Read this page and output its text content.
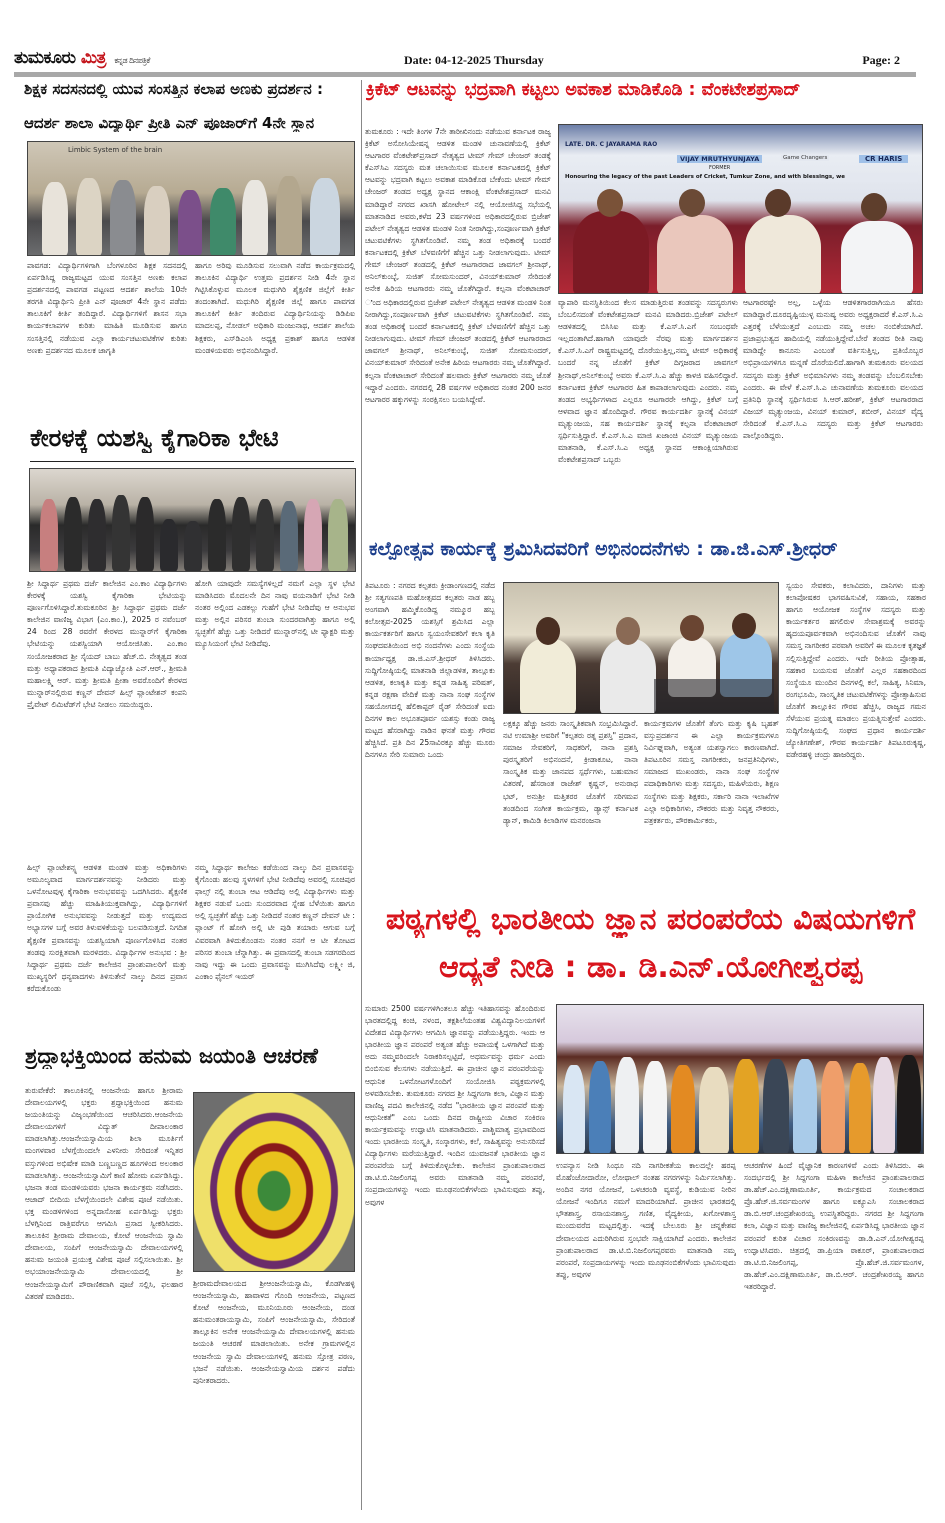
ತುಮಕೂರು ಮಿತ್ರ ಕನ್ನಡ ದಿನಪತ್ರಿಕೆ	Date: 04-12-2025 Thursday	Page: 2
ಶಿಕ್ಷಕ ಸದಸನದಲ್ಲಿ ಯುವ ಸಂಸತ್ತಿನ ಕಲಾಪ ಅಣಕು ಪ್ರದರ್ಶನ :
ಆದರ್ಶ ಶಾಲಾ ವಿದ್ಯಾರ್ಥಿ ಪ್ರೀತಿ ಎನ್ ಪೂಜಾರ್‌ಗೆ 4ನೇ ಸ್ಥಾನ
Limbic System of the brain
ಪಾವಗಡ: ವಿದ್ಯಾರ್ಥಿಗಳಿಗಾಗಿ ಬೆಂಗಳೂರಿನ ಶಿಕ್ಷಕ ಸದನದಲ್ಲಿ ಏರ್ಪಡಿಸಿದ್ದ ರಾಜ್ಯಮಟ್ಟದ ಯುವ ಸಂಸತ್ತಿನ ಅಣಕು ಕಲಾಪ ಪ್ರದರ್ಶನದಲ್ಲಿ ಪಾವಗಡ ಪಟ್ಟಣದ ಆದರ್ಶ ಶಾಲೆಯ 10ನೇ ತರಗತಿ ವಿದ್ಯಾರ್ಥಿನಿ ಪ್ರೀತಿ ಎನ್ ಪೂಜಾರ್ 4ನೇ ಸ್ಥಾನ ಪಡೆದು ತಾಲೂಕಿಗೆ ಕೀರ್ತಿ ತಂದಿದ್ದಾರೆ. ವಿದ್ಯಾರ್ಥಿಗಳಿಗೆ ಶಾಸನ ಸಭಾ ಕಾರ್ಯಕಲಾಪಗಳ ಕುರಿತು ಮಾಹಿತಿ ಮೂಡಿಸುವ ಹಾಗೂ ಸಂಸತ್ತಿನಲ್ಲಿ ನಡೆಯುವ ಎಲ್ಲಾ ಕಾರ್ಯಚಟುವಟಿಕೆಗಳ ಕುರಿತು ಅಣಕು ಪ್ರದರ್ಶನದ ಮೂಲಕ ಜಾಗೃತಿ
ಹಾಗೂ ಅರಿವು ಮೂಡಿಸುವ ಸಲುವಾಗಿ ನಡೆದ ಕಾರ್ಯಕ್ರಮದಲ್ಲಿ ತಾಲೂಕಿನ ವಿದ್ಯಾರ್ಥಿ ಉತ್ತಮ ಪ್ರದರ್ಶನ ನೀಡಿ 4ನೇ ಸ್ಥಾನ ಗಿಟ್ಟಿಸಿಕೊಳ್ಳುವ ಮೂಲಕ ಮಧುಗಿರಿ ಶೈಕ್ಷಣಿಕ ಜಿಲ್ಲೆಗೆ ಕೀರ್ತಿ ತಂದಂತಾಗಿದೆ. ಮಧುಗಿರಿ ಶೈಕ್ಷಣಿಕ ಜಿಲ್ಲೆ ಹಾಗೂ ಪಾವಗಡ ತಾಲೂಕಿಗೆ ಕೀರ್ತಿ ತಂದಿರುವ ವಿದ್ಯಾರ್ಥಿನಿಯನ್ನು ಡಿಡಿಪಿಐ ಮಾದಲಪ್ಪ, ನೋಡಲ್ ಅಧಿಕಾರಿ ಮಂಜುನಾಥ, ಆದರ್ಶ ಶಾಲೆಯ ಶಿಕ್ಷಕರು, ಎಸ್‌ಡಿಎಂಸಿ ಅಧ್ಯಕ್ಷ ಪ್ರಕಾಶ್ ಹಾಗೂ ಆಡಳಿತ ಮಂಡಳಿಯವರು ಅಭಿನಂದಿಸಿದ್ದಾರೆ.
ಕೇರಳಕ್ಕೆ ಯಶಸ್ವಿ ಕೈಗಾರಿಕಾ ಭೇಟಿ
ಶ್ರೀ ಸಿದ್ಧಾರ್ಥ ಪ್ರಥಮ ದರ್ಜೆ ಕಾಲೇಜಿನ ಎಂ.ಕಾಂ ವಿದ್ಯಾರ್ಥಿಗಳು ಕೇರಳಕ್ಕೆ ಯಶಸ್ವಿ ಕೈಗಾರಿಕಾ ಭೇಟಿಯನ್ನು ಪೂರ್ಣಗೊಳಿಸಿದ್ದಾರೆ.ತುಮಕೂರಿನ ಶ್ರೀ ಸಿದ್ಧಾರ್ಥ ಪ್ರಥಮ ದರ್ಜೆ ಕಾಲೇಜಿನ ವಾಣಿಜ್ಯ ವಿಭಾಗ (ಎಂ.ಕಾಂ.), 2025 ರ ನವೆಂಬರ್ 24 ರಿಂದ 28 ರವರೆಗೆ ಕೇರಳದ ಮುನ್ನಾರ್‌ಗೆ ಕೈಗಾರಿಕಾ ಭೇಟಿಯನ್ನು ಯಶಸ್ವಿಯಾಗಿ ಆಯೋಜಿಸಿತು. ಎಂ.ಕಾಂ ಸಂಯೋಜಕರಾದ ಶ್ರೀ ಸೈಯದ್ ಬಾಬು ಹೆಚ್.ಬಿ. ನೇತೃತ್ವದ ತಂಡ ಮತ್ತು ಅಧ್ಯಾಪಕರಾದ ಶ್ರೀಮತಿ ವಿದ್ಯಾಜ್ಯೋತಿ ಎನ್.ಆರ್., ಶ್ರೀಮತಿ ಮಹಾಲಕ್ಷ್ಮಿ ಆರ್. ಮತ್ತು ಶ್ರೀಮತಿ ಪ್ರೀತಾ ಅವರೊಂದಿಗೆ ಕೇರಳದ ಮುನ್ನಾರ್‌ನಲ್ಲಿರುವ ಕಣ್ಣನ್ ದೇವನ್ ಹಿಲ್ಸ್ ಪ್ಲಾಂಟೇಶನ್ ಕಂಪನಿ ಪ್ರೈವೇಟ್ ಲಿಮಿಟೆಡ್‌ಗೆ ಭೇಟಿ ನೀಡಲು ಸಮಯಿದ್ದರು.
ಹಿಲ್ಸ್ ಪ್ಲಾಂಟೇಶನ್ಸ್ನ ಆಡಳಿತ ಮಂಡಳಿ ಮತ್ತು ಅಧಿಕಾರಿಗಳು ಅಮೂಲ್ಯವಾದ ಮಾರ್ಗದರ್ಶನವನ್ನು ನೀಡಿದರು ಮತ್ತು ಒಳನೋಟವುಳ್ಳ ಕೈಗಾರಿಕಾ ಅನುಭವವನ್ನು ಒದಗಿಸಿದರು. ಶೈಕ್ಷಣಿಕ ಪ್ರವಾಸವು ಹೆಚ್ಚು ಮಾಹಿತಿಯುಕ್ತವಾಗಿದ್ದು, ವಿದ್ಯಾರ್ಥಿಗಳಿಗೆ ಪ್ರಾಯೋಗಿಕ ಅನುಭವವನ್ನು ನೀಡುತ್ತದೆ ಮತ್ತು ಉದ್ಯಮದ ಅಭ್ಯಾಸಗಳ ಬಗ್ಗೆ ಅವರ ತಿಳುವಳಿಕೆಯನ್ನು ಬಲಪಡಿಸುತ್ತದೆ. ನಿಗದಿತ ಶೈಕ್ಷಣಿಕ ಪ್ರವಾಸವನ್ನು ಯಶಸ್ವಿಯಾಗಿ ಪೂರ್ಣಗೊಳಿಸಿದ ನಂತರ ತಂಡವು ಸುರಕ್ಷಿತವಾಗಿ ಮರಳಿದರು. ವಿದ್ಯಾರ್ಥಿಗಳ ಅನುಭವ : ಶ್ರೀ ಸಿದ್ಧಾರ್ಥ ಪ್ರಥಮ ದರ್ಜೆ ಕಾಲೇಜಿನ ಪ್ರಾಂಶುಪಾಲರಿಗೆ ಮತ್ತು ಮುಖ್ಯಸ್ಥರಿಗೆ ಧನ್ಯವಾದಗಳು ತಿಳಿಸುತೇನೆ ನಾಲ್ಕು ದಿನದ ಪ್ರವಾಸ ಕರೆದುಕೊಂಡು
ಹೋಗಿ ಯಾವುದೇ ಸಮಸ್ಯೆಗಳಿಲ್ಲದೆ ನಮಗೆ ಎಲ್ಲಾ ಸ್ಥಳ ಭೇಟಿ ಮಾಡಿಸಿದರು ಮೊದಲನೇ ದಿನ ನಾವು ವಯನಾಡಿಗೆ ಭೇಟಿ ನೀಡಿ ನಂತರ ಅಲ್ಲಿಂದ ಎಡಕಲ್ಲು ಗುಹೆಗೆ ಭೇಟಿ ನೀಡಿದೆವು ಆ ಅನುಭವ ಮತ್ತು ಅಲ್ಲಿನ ಪರಿಸರ ತುಂಬಾ ಸುಂದರವಾಗಿತ್ತು ಹಾಗೂ ಅಲ್ಲಿ ಸ್ವಚ್ಛತೆಗೆ ಹೆಚ್ಚು ಒತ್ತು ನೀಡಿದರೆ ಮುನ್ನಾರ್‌ನಲ್ಲಿ ಟೀ ಫ್ಯಾಕ್ಟರಿ ಮತ್ತು ಮ್ಯೂಸಿಯಂಗೆ ಭೇಟಿ ನೀಡಿದೆವು.
ನಮ್ಮ ಸಿದ್ಧಾರ್ಥ ಕಾಲೇಜು ಕಡೆಯಿಂದ ನಾಲ್ಕು ದಿನ ಪ್ರವಾಸವನ್ನು ಕೈಗೊಂಡು ಹಲವು ಸ್ಥಳಗಳಿಗೆ ಭೇಟಿ ನೀಡಿದೆವು ಅವರಲ್ಲಿ ಸೂಚಿಪುರ ಫಾಲ್ಸ್ ನಲ್ಲಿ ತುಂಬಾ ಆಟ ಆಡಿದೆವು ಅಲ್ಲಿ ವಿದ್ಯಾರ್ಥಿಗಳು ಮತ್ತು ಶಿಕ್ಷಕರ ನಡುವೆ ಒಂದು ಸುಂದರವಾದ ಸ್ನೇಹ ಬೆಳೆಯಿತು ಹಾಗೂ ಅಲ್ಲಿ ಸ್ವಚ್ಛತೆಗೆ ಹೆಚ್ಚು ಒತ್ತು ನೀಡಿದರೆ ನಂತರ ಕಣ್ಣನ್ ದೇವನ್ ಟೀ : ಪ್ಲಾಂಟ್ ಗೆ ಹೋಗಿ ಅಲ್ಲಿ ಟೀ ಪುಡಿ ತಯಾರು ಆಗುವ ಬಗ್ಗೆ ವಿವರವಾಗಿ ತಿಳಿದುಕೊಂಡನು ನಂತರ ನನಗೆ ಆ ಟೀ ತೋಟದ ಪರಿಸರ ತುಂಬಾ ಚೆನ್ನಾಗಿತ್ತು. ಈ ಪ್ರವಾಸದಲ್ಲಿ ತುಂಬಾ ಸಡಗರದಿಂದ ನಾವು ಇದ್ದು ಈ ಒಂದು ಪ್ರವಾಸವನ್ನು ಮುಗಿಸಿದೆವು ಲಕ್ಷ್ಮೀ ಜಿ, ಎಂಕಾಂ ಫೈನಲ್ ಇಯರ್
ಶ್ರದ್ಧಾಭಕ್ತಿಯಿಂದ ಹನುಮ ಜಯಂತಿ ಆಚರಣೆ
ತುರುವೇಕೆರೆ: ತಾಲೂಕಿನಲ್ಲಿ ಆಂಜನೇಯ ಹಾಗೂ ಶ್ರೀರಾಮ ದೇವಾಲಯಗಳಲ್ಲಿ ಭಕ್ತರು ಶ್ರದ್ಧಾಭಕ್ತಿಯಿಂದ ಹನುಮ ಜಯಂತಿಯನ್ನು ವಿಜೃಂಭಣೆಯಿಂದ ಆಚರಿಸಿದರು.ಆಂಜನೇಯ ದೇವಾಲಯಗಳಿಗೆ ವಿದ್ಯುತ್ ದೀಪಾಲಂಕಾರ ಮಾಡಲಾಗಿತ್ತು.ಆಂಜನೇಯಸ್ವಾಮಿಯ ಶಿಲಾ ಮೂರ್ತಿಗೆ ಮಂಗಳವಾರ ಬೆಳಗ್ಗೆಯಿಂದಲೇ ಎಳನೀರು ಸೇರಿದಂತೆ ಇನ್ನಿತರ ವಸ್ತುಗಳಿಂದ ಅಭಿಷೇಕ ಮಾಡಿ ಬಣ್ಣಬಣ್ಣದ ಹೂಗಳಿಂದ ಅಲಂಕಾರ ಮಾಡಲಾಗಿತ್ತು. ಆಂಜನೇಯಸ್ವಾಮಿಗೆ ಕಾಣಿ ಹೋಮ ಏರ್ಪಡಿಸಿದ್ದು. ಭಜನಾ ತಂಡ ಮಂಡಳಿಯವರು ಭಜನಾ ಕಾರ್ಯಕ್ರಮ ನಡೆಸಿದರು. ಆಜಾದ್ ಬೀದಿಯ ಬೆಳಗ್ಗೆಯಿಂದಲೇ ವಿಶೇಷ ಪೂಜೆ ನಡೆಯಿತು. ಭಕ್ತ ಮಂಡಳಿಗಳಿಂದ ಅನ್ನದಾಸೋಹ ಏರ್ಪಡಿಸಿದ್ದು ಭಕ್ತರು ಬೆಳಗ್ಗಿನಿಂದ ರಾತ್ರಿವರೆಗೂ ಆಗಮಿಸಿ ಪ್ರಸಾದ ಸ್ವೀಕರಿಸಿದರು. ತಾಲೂಕಿನ ಶ್ರೀರಾಮ ದೇವಾಲಯ, ಕೋಟೆ ಆಂಜನೇಯ ಸ್ವಾಮಿ ದೇವಾಲಯ, ಸಂಪಿಗೆ ಆಂಜನೇಯಸ್ವಾಮಿ ದೇವಾಲಯಗಳಲ್ಲಿ ಹನುಮ ಜಯಂತಿ ಪ್ರಯುಕ್ತ ವಿಶೇಷ ಪೂಜೆ ಸಲ್ಲಿಸಲಾಯಿತು. ಶ್ರೀ ಅಭಯಾಂಜನೇಯಸ್ವಾಮಿ ದೇವಾಲಯದಲ್ಲಿ ಶ್ರೀ ಆಂಜನೇಯಸ್ವಾಮಿಗೆ ಪೌರಾಣಿಕವಾಗಿ ಪೂಜೆ ಸಲ್ಲಿಸಿ, ಫಲಹಾರ ವಿತರಣೆ ಮಾಡಿದರು.
ಶ್ರೀರಾಮದೇವಾಲಯದ ಶ್ರೀಆಂಜನೇಯಸ್ವಾಮಿ, ಕೊಡಗೀಹಳ್ಳಿ ಆಂಜನೇಯಸ್ವಾಮಿ, ಹಾವಾಳದ ಗೊಂದಿ ಆಂಜನೇಯ, ಪಟ್ಟಣದ ಕೋಟೆ ಆಂಜನೇಯ, ಮೂನಿಯೂರು ಆಂಜನೇಯ, ದಂಡ ಹನುಮಂತರಾಯಸ್ವಾಮಿ, ಸಂಪಿಗೆ ಆಂಜನೇಯಸ್ವಾಮಿ, ಸೇರಿದಂತೆ ತಾಲ್ಲೂಕಿನ ಅನೇಕ ಆಂಜನೇಯಸ್ವಾಮಿ ದೇವಾಲಯಗಳಲ್ಲಿ ಹನುಮ ಜಯಂತಿ ಆಚರಣೆ ಮಾಡಲಾಯಿತು. ಅನೇಕ ಗ್ರಾಮಗಳಲ್ಲಿನ ಆಂಜನೇಯ ಸ್ವಾಮಿ ದೇವಾಲಯಗಳಲ್ಲಿ ಹನುಮ ಸ್ತೋತ್ರ ಪಠಣ, ಭಜನೆ ನಡೆಯಿತು. ಆಂಜನೇಯಸ್ವಾಮಿಯ ದರ್ಶನ ಪಡೆದು ಪುನೀತರಾದರು.
ಕ್ರಿಕೆಟ್ ಆಟವನ್ನು ಭದ್ರವಾಗಿ ಕಟ್ಟಲು ಅವಕಾಶ ಮಾಡಿಕೊಡಿ : ವೆಂಕಟೇಶಪ್ರಸಾದ್
ತುಮಕೂರು : ಇದೇ ತಿಂಗಳ 7ನೇ ತಾರೀಖಿನಂದು ನಡೆಯುವ ಕರ್ನಾಟಕ ರಾಜ್ಯ ಕ್ರಿಕೆಟ್ ಅಸೋಸಿಯೇಷನ್ನ ಆಡಳಿತ ಮಂಡಳಿ ಚುನಾವಣೆಯಲ್ಲಿ ಕ್ರಿಕೆಟ್ ಆಟಗಾರರ ವೆಂಕಟೇಶ್‌ಪ್ರಸಾದ್ ನೇತೃತ್ವದ ಟೀಮ್ ಗೇಮ್ ಚೇಂಜರ್ ತಂಡಕ್ಕೆ ಕೆಎಸ್‌ಸಿಎ ಸದಸ್ಯರು ಮತ ಚಲಾಯಿಸುವ ಮೂಲಕ ಕರ್ನಾಟಕದಲ್ಲಿ ಕ್ರಿಕೆಟ್ ಆಟವನ್ನು ಭದ್ರವಾಗಿ ಕಟ್ಟಲು ಅವಕಾಶ ಮಾಡಿಕೊಡ ಬೇಕೆಂದು ಟೀಮ್ ಗೇಮ್ ಚೇಂಜರ್ ತಂಡದ ಅಧ್ಯಕ್ಷ ಸ್ಥಾನದ ಆಕಾಂಕ್ಷಿ ವೆಂಕಟೇಶಪ್ರಸಾದ್ ಮನವಿ ಮಾಡಿದ್ದಾರೆ ನಗರದ ಖಾಸಗಿ ಹೋಟೇಲ್ ನಲ್ಲಿ ಆಯೋಜಿಸಿದ್ದ ಸಭೆಯಲ್ಲಿ ಮಾತನಾಡಿದ ಅವರು,ಕಳೆದ 23 ವರ್ಷಗಳಿಂದ ಅಧಿಕಾರದಲ್ಲಿರುವ ಬ್ರಿಜೇಶ್ ಪಟೇಲ್ ನೇತೃತ್ವದ ಆಡಳಿತ ಮಂಡಳಿ ನಿಂತ ನೀರಾಗಿದ್ದು,ಸಂಪೂರ್ಣವಾಗಿ ಕ್ರಿಕೆಟ್ ಚಟುವಟಿಕೆಗಳು ಸ್ಥಗಿತಗೊಂಡಿವೆ. ನಮ್ಮ ತಂಡ ಅಧಿಕಾರಕ್ಕೆ ಬಂದರೆ ಕರ್ನಾಟಕದಲ್ಲಿ ಕ್ರಿಕೆಟ್ ಬೆಳವಣಿಗೆಗೆ ಹೆಚ್ಚಿನ ಒತ್ತು ನೀಡಲಾಗುವುದು. ಟೀಮ್ ಗೇಮ್ ಚೇಂಜರ್ ತಂಡದಲ್ಲಿ ಕ್ರಿಕೆಟ್ ಆಟಗಾರರಾದ ಜಾವಗಲ್ ಶ್ರೀನಾಥ್, ಅನಿಲ್‌ಕುಂಬ್ಳೆ, ಸುಜಿತ್ ಸೋಮಸುಂದರ್, ವಿನಯ್‌ಕುಮಾರ್ ಸೇರಿದಂತೆ ಅನೇಕ ಹಿರಿಯ ಆಟಗಾರರು ನಮ್ಮ ಜೊತೆಗಿದ್ದಾರೆ. ಕಲ್ಪನಾ ವೆಂಕಟಾಚಾರ್
LATE. DR. C JAYARAMA RAO
VIJAY MRUTHYUNJAYA
FORMER
Game Changers	CR HARIS
Honouring the legacy of the past Leaders of Cricket, Tumkur Zone, and with blessings, we
ವ್ಯಾಪಾರಿ ಮನಸ್ಥಿತಿಯಿಂದ ಕೆಲಸ ಮಾಡುತ್ತಿರುವ ತಂಡವನ್ನು ಸದಸ್ಯರುಗಳು ಬೆಂಬಲಿಸದಂತೆ ವೆಂಕಟೇಶಪ್ರಸಾದ್ ಮನವಿ ಮಾಡಿದರು.ಬ್ರಿಜೇಶ್ ಪಟೇಲ್ ಆಡಳಿತದಲ್ಲಿ ಬಿಸಿಸಿಐ ಮತ್ತು ಕೆ.ಎಸ್.ಸಿ.ಎಗೆ ಸಂಬಂಧವೇ ಇಲ್ಲದಂತಾಗಿದೆ.ಹಾಗಾಗಿ ಯಾವುದೇ ನೆರವು ಮತ್ತು ಮಾರ್ಗದರ್ಶನ ಕೆ.ಎಸ್.ಸಿ.ಎಗೆ ರಾಷ್ಟ್ರಮಟ್ಟದಲ್ಲಿ ದೊರೆಯುತ್ತಿಲ್ಲ,ನಮ್ಮ ಟೀಮ್ ಅಧಿಕಾರಕ್ಕೆ ಬಂದರೆ ನನ್ನ ಜೊತೆಗೆ ಕ್ರಿಕೆಟ್ ದಿಗ್ಗಜರಾದ ಜಾವಗಲ್ ಶ್ರೀನಾಥ್,ಅನಿಲ್‌ಕುಂಬ್ಳೆ ಅವರು ಕೆ.ಎಸ್.ಸಿ.ಎ ಹೆಚ್ಚು ಕಾಳಜಿ ವಹಿಸಲಿದ್ದಾರೆ. ಕರ್ನಾಟಕದ ಕ್ರಿಕೆಟ್ ಆಟಗಾರರ ಹಿತ ಕಾಪಾಡಲಾಗುವುದು ಎಂದರು. ನಮ್ಮ ತಂಡದ ಅಭ್ಯರ್ಥಿಗಳಾದ ಎಲ್ಲರೂ ಆಟಗಾರರೇ ಆಗಿದ್ದು, ಕ್ರಿಕೆಟ್ ಬಗ್ಗೆ ಆಳವಾದ ಜ್ಞಾನ ಹೊಂದಿದ್ದಾರೆ. ಗೌರವ ಕಾರ್ಯದರ್ಶಿ ಸ್ಥಾನಕ್ಕೆ ವಿನಯ್ ಮೃತ್ಯುಂಜಯ, ಸಹ ಕಾರ್ಯದರ್ಶಿ ಸ್ಥಾನಕ್ಕೆ ಕಲ್ಪನಾ ವೆಂಕಟಾಚಾರ್ ಸ್ಪರ್ಧಿಸುತ್ತಿದ್ದಾರೆ. ಕೆ.ಎಸ್.ಸಿ.ಎ ಮಾಜಿ ಖಜಾಂಚಿ ವಿನಯ್ ಮೃತ್ಯುಂಜಯ ಮಾತನಾಡಿ, ಕೆ.ಎಸ್.ಸಿ.ಎ ಅಧ್ಯಕ್ಷ ಸ್ಥಾನದ ಆಕಾಂಕ್ಷಿಯಾಗಿರುವ ವೆಂಕಟೇಶಪ್ರಸಾದ್ ಒಬ್ಬರು
ಆಟಗಾರರಷ್ಟೇ ಅಲ್ಲ, ಒಳ್ಳೆಯ ಆಡಳಿತಗಾರರಾಗಿಯೂ ಹೆಸರು ಮಾಡಿದ್ದಾರೆ.ದೂರದೃಷ್ಟಿಯುಳ್ಳ ಮನುಷ್ಯ ಅವರು ಅಧ್ಯಕ್ಷರಾದರೆ ಕೆ.ಎಸ್.ಸಿ.ಎ ಎತ್ತರಕ್ಕೆ ಬೆಳೆಯುತ್ತದೆ ಎಂಬುದು ನಮ್ಮ ಅಚಲ ನಂಬಿಕೆಯಾಗಿದೆ. ಪ್ರಜಾಪ್ರಭುತ್ವದ ಹಾದಿಯಲ್ಲಿ ನಡೆಯುತ್ತಿದ್ದೇವೆ.ಬೇರೆ ತಂಡದ ರೀತಿ ನಾವು ಮಾಡಿದ್ದೇ ಕಾನೂನು ಎಂಬಂತೆ ವರ್ತಿಸುತ್ತಿಲ್ಲ, ಪ್ರತಿಯೊಬ್ಬರ ಅಭಿಪ್ರಾಯಗಳಿಗೂ ಮನ್ನಣೆ ದೊರೆಯಲಿದೆ.ಹಾಗಾಗಿ ತುಮಕೂರು ವಲಯದ ಸದಸ್ಯರು ಮತ್ತು ಕ್ರಿಕೆಟ್ ಅಭಿಮಾನಿಗಳು ನಮ್ಮ ತಂಡವನ್ನು ಬೆಂಬಲಿಸಬೇಕು ಎಂದರು. ಈ ವೇಳೆ ಕೆ.ಎಸ್.ಸಿ.ಎ ಚುನಾವಣೆಯ ತುಮಕೂರು ವಲಯದ ಪ್ರತಿನಿಧಿ ಸ್ಥಾನಕ್ಕೆ ಸ್ಪರ್ಧಿಸಿರುವ ಸಿ.ಆರ್.ಹರೀಶ್, ಕ್ರಿಕೆಟ್ ಆಟಗಾರರಾದ ವಿಜಯ್ ಮೃತ್ಯುಂಜಯ, ವಿನಯ್ ಕುಮಾರ್, ಶಬೀರ್, ವಿನಯ್ ವೈದ್ಯ ಸೇರಿದಂತೆ ಕೆ.ಎಸ್.ಸಿ.ಎ ಸದಸ್ಯರು ಮತ್ತು ಕ್ರಿಕೆಟ್ ಆಟಗಾರರು ಪಾಲ್ಗೊಂಡಿದ್ದರು.
ಿಂದ ಅಧಿಕಾರದಲ್ಲಿರುವ ಬ್ರಿಜೇಶ್ ಪಟೇಲ್ ನೇತೃತ್ವದ ಆಡಳಿತ ಮಂಡಳಿ ನಿಂತ ನೀರಾಗಿದ್ದು,ಸಂಪೂರ್ಣವಾಗಿ ಕ್ರಿಕೆಟ್ ಚಟುವಟಿಕೆಗಳು ಸ್ಥಗಿತಗೊಂಡಿವೆ. ನಮ್ಮ ತಂಡ ಅಧಿಕಾರಕ್ಕೆ ಬಂದರೆ ಕರ್ನಾಟಕದಲ್ಲಿ ಕ್ರಿಕೆಟ್ ಬೆಳವಣಿಗೆಗೆ ಹೆಚ್ಚಿನ ಒತ್ತು ನೀಡಲಾಗುವುದು. ಟೀಮ್ ಗೇಮ್ ಚೇಂಜರ್ ತಂಡದಲ್ಲಿ ಕ್ರಿಕೆಟ್ ಆಟಗಾರರಾದ ಜಾವಗಲ್ ಶ್ರೀನಾಥ್, ಅನಿಲ್‌ಕುಂಬ್ಳೆ, ಸುಜಿತ್ ಸೋಮಸುಂದರ್, ವಿನಯ್‌ಕುಮಾರ್ ಸೇರಿದಂತೆ ಅನೇಕ ಹಿರಿಯ ಆಟಗಾರರು ನಮ್ಮ ಜೊತೆಗಿದ್ದಾರೆ. ಕಲ್ಪನಾ ವೆಂಕಟಾಚಾರ್ ಸೇರಿದಂತೆ ಹಲವಾರು ಕ್ರಿಕೆಟ್ ಆಟಗಾರರು ನಮ್ಮ ಜೊತೆ ಇದ್ದಾರೆ ಎಂದರು. ನಗರದಲ್ಲಿ 28 ವರ್ಷಗಳ ಅಧಿಕಾರದ ನಂತರ 200 ಜನರ ಆಟಗಾರರ ಹಕ್ಕುಗಳನ್ನು ಸಂರಕ್ಷಿಸಲು ಬಯಸಿದ್ದೇವೆ.
ಕಲ್ಪೋತ್ಸವ ಕಾರ್ಯಕ್ಕೆ ಶ್ರಮಿಸಿದವರಿಗೆ ಅಭಿನಂದನೆಗಳು : ಡಾ.ಜಿ.ಎಸ್.ಶ್ರೀಧರ್
ತಿಪಟೂರು : ನಗರದ ಕಲ್ಪತರು ಕ್ರೀಡಾಂಗಣದಲ್ಲಿ ನಡೆದ ಶ್ರೀ ಸತ್ಯಗಣಪತಿ ಮಹೋತ್ಸವದ ಕಲ್ಪತರು ನಾಡ ಹಬ್ಬ ಅಂಗವಾಗಿ ಹಮ್ಮಿಕೊಂಡಿದ್ದ ನಮ್ಮೂರ ಹಬ್ಬ ಕಲೋತ್ಸವ-2025 ಯಶಸ್ಸಿಗೆ ಶ್ರಮಿಸಿದ ಎಲ್ಲಾ ಕಾರ್ಯಕರ್ತರಿಗೆ ಹಾಗೂ ಸ್ವಯಂಸೇವಕರಿಗೆ ಕಲಾ ಕೃತಿ ಸಂಘದವತಿಯಿಂದ ಅಭಿ ನಂದನೆಗಳು ಎಂದು ಸಂಸ್ಥೆಯ ಕಾರ್ಯಾಧ್ಯಕ್ಷ ಡಾ.ಜಿ.ಎಸ್.ಶ್ರೀಧರ್ ತಿಳಿಸಿದರು. ಸುದ್ದಿಗೋಷ್ಠಿಯಲ್ಲಿ ಮಾತನಾಡಿ ಜಿಲ್ಲಾಡಳಿತ, ತಾಲ್ಲೂಕು ಆಡಳಿತ, ಕಲಾಕೃತಿ ಮತ್ತು ಕನ್ನಡ ಸಾಹಿತ್ಯ ಪರಿಷತ್, ಕನ್ನಡ ರಕ್ಷಣಾ ವೇದಿಕೆ ಮತ್ತು ನಾನಾ ಸಂಘ ಸಂಸ್ಥೆಗಳ ಸಹಯೋಗದಲ್ಲಿ ಹೆಲಿಕಾಪ್ಟರ್ ರೈಡ್ ಸೇರಿದಂತೆ ಐದು ದಿನಗಳ ಕಾಲ ಅಭೂತಪೂರ್ವ ಯಶಸ್ಸು ಕಂಡು ರಾಜ್ಯ ಮಟ್ಟದ ಹೆಸರಾಗಿದ್ದು ನಾಡಿನ ಘನತೆ ಮತ್ತು ಗೌರವ ಹೆಚ್ಚಿಸಿದೆ. ಪ್ರತಿ ದಿನ 25ಸಾವಿರಕ್ಕೂ ಹೆಚ್ಚು ಮೂರು ದಿನಗಳೂ ಸೇರಿ ಸುಮಾರು ಒಂದು
ಸ್ವಯಂ ಸೇವಕರು, ಕಲಾವಿದರು, ದಾನಿಗಳು ಮತ್ತು ಕಲಾಪೋಷಕರ ಭಾಗವಹಿಸುವಿಕೆ, ಸಹಾಯ, ಸಹಕಾರ ಹಾಗೂ ಆಯೋಜಕ ಸಂಸ್ಥೆಗಳ ಸದಸ್ಯರು ಮತ್ತು ಕಾರ್ಯಕರ್ತರ ಹಗಲಿರುಳ ಸೇವಾಶ್ರಮಕ್ಕೆ ಅವರನ್ನು ಹೃದಯಪೂರ್ವಕವಾಗಿ ಅಭಿನಂದಿಸುವ ಜೊತೆಗೆ ನಾವು ಸಮಸ್ತ ನಾಗರೀಕರ ಪರವಾಗಿ ಅವರಿಗೆ ಈ ಮೂಲಕ ಕೃತಜ್ಞತೆ ಸಲ್ಲಿಸುತ್ತಿದ್ದೇವೆ ಎಂದರು. ಇದೇ ರೀತಿಯ ಪ್ರೋತ್ಸಾಹ, ಸಹಕಾರ ಬಯಸುವ ಜೊತೆಗೆ ಎಲ್ಲರ ಸಹಕಾರದಿಂದ ಸಂಸ್ಥೆಯೂ ಮುಂದಿನ ದಿನಗಳಲ್ಲಿ ಕಲೆ, ಸಾಹಿತ್ಯ, ಸಿನಿಮಾ, ರಂಗಭೂಮಿ, ಸಾಂಸ್ಕೃತಿಕ ಚಟುವಟಿಕೆಗಳನ್ನು ಪ್ರೋತ್ಸಾಹಿಸುವ ಜೊತೆಗೆ ತಾಲ್ಲೂಕಿನ ಗೌರವ ಹೆಚ್ಚಿಸಿ, ರಾಜ್ಯದ ಗಮನ ಸೆಳೆಯುವ ಪ್ರಯತ್ನ ಮಾಡಲು ಪ್ರಯತ್ನಿಸುತ್ತೇವೆ ಎಂದರು. ಸುದ್ದಿಗೋಷ್ಠಿಯಲ್ಲಿ ಸಂಘದ ಪ್ರಧಾನ ಕಾರ್ಯದರ್ಶಿ ಜ್ಯೋತಿಗಣೇಶ್, ಗೌರವ ಕಾರ್ಯದರ್ಶಿ ತಿಪಟೂರುಕೃಷ್ಣ, ವಡೇರಹಳ್ಳಿ ಚಂದ್ರು ಹಾಜರಿದ್ದರು.
ಲಕ್ಷಕ್ಕೂ ಹೆಚ್ಚು ಜನರು ಸಾಂಸ್ಕೃತಿಕವಾಗಿ ಸಂಭ್ರಮಿಸಿದ್ದಾರೆ. ನಟಿ ಉಮಾಶ್ರೀ ಅವರಿಗೆ "ಕಲ್ಪತರು ರತ್ನ ಪ್ರಶಸ್ತಿ" ಪ್ರದಾನ, ಸಮಾಜ ಸೇವಕರಿಗೆ, ಸಾಧಕರಿಗೆ, ನಾನಾ ಪ್ರಶಸ್ತಿ ಪುರಸ್ಕೃತರಿಗೆ ಅಭಿನಂದನೆ, ಕ್ರೀಡಾಕೂಟ, ನಾನಾ ಸಾಂಸ್ಕೃತಿಕ ಮತ್ತು ಜಾನಪದ ಸ್ಪರ್ಧೆಗಳು, ಬಹುಮಾನ ವಿತರಣೆ, ಹೆಸರಾಂತ ರಾಜೇಶ್ ಕೃಷ್ಣನ್, ಅನುರಾಧ ಭಟ್, ಅನುಶ್ರೀ ಮತ್ತಿತರರ ಜೊತೆಗೆ ಸರಿಗಮಪ ತಂಡದಿಂದ ಸಂಗೀತ ಕಾರ್ಯಕ್ರಮ, ಡ್ಯಾನ್ಸ್ ಕರ್ನಾಟಕ ಡ್ಯಾನ್, ಕಾಮಿಡಿ ಕಿಲಾಡಿಗಳ ಮನರಂಜನಾ
ಕಾರ್ಯಕ್ರಮಗಳ ಜೊತೆಗೆ ತೆಂಗು ಮತ್ತು ಕೃಷಿ ಬೃಹತ್ ವಸ್ತುಪ್ರದರ್ಶನ ಈ ಎಲ್ಲಾ ಕಾರ್ಯಕ್ರಮಗಳೂ ನಿರ್ವಿಘ್ನವಾಗಿ, ಅತ್ಯಂತ ಯಶಸ್ವಾಗಲು ಕಾರಣವಾಗಿದೆ. ತಿಪಟೂರಿನ ಸಮಸ್ತ ನಾಗರೀಕರು, ಜನಪ್ರತಿನಿಧಿಗಳು, ಸಮಾಜದ ಮುಖಂಡರು, ನಾನಾ ಸಂಘ ಸಂಸ್ಥೆಗಳ ಪದಾಧಿಕಾರಿಗಳು ಮತ್ತು ಸದಸ್ಯರು, ಮಹಿಳೆಯರು, ಶಿಕ್ಷಣ ಸಂಸ್ಥೆಗಳು ಮತ್ತು ಶಿಕ್ಷಕರು, ಸರ್ಕಾರಿ ನಾನಾ ಇಲಾಖೆಗಳ ಎಲ್ಲಾ ಅಧಿಕಾರಿಗಳು, ನೌಕರರು ಮತ್ತು ನಿವೃತ್ತ ನೌಕರರು, ಪತ್ರಕರ್ತರು, ಪೌರಕಾರ್ಮಿಕರು,
ಪಠ್ಯಗಳಲ್ಲಿ ಭಾರತೀಯ ಜ್ಞಾನ ಪರಂಪರೆಯ ವಿಷಯಗಳಿಗೆ
ಆದ್ಯತೆ ನೀಡಿ : ಡಾ. ಡಿ.ಎನ್.ಯೋಗೀಶ್ವರಪ್ಪ
ಸುಮಾರು 2500 ವರ್ಷಗಳಿಗಿಂತಲೂ ಹೆಚ್ಚು ಇತಿಹಾಸವನ್ನು ಹೊಂದಿರುವ ಭಾರತದಲ್ಲಿದ್ದ ಕಂಚಿ, ನಳಂದ, ತಕ್ಷಶಿಲೆಯಂತಹ ವಿಶ್ವವಿದ್ಯಾನಿಲಯಗಳಿಗೆ ವಿದೇಶದ ವಿದ್ಯಾರ್ಥಿಗಳು ಆಗಮಿಸಿ ಜ್ಞಾನವನ್ನು ಪಡೆಯುತ್ತಿದ್ದರು. ಇಂದು ಆ ಭಾರತೀಯ ಜ್ಞಾನ ಪರಂಪರೆ ಅತ್ಯಂತ ಹೆಚ್ಚು ಅಪಾಯಕ್ಕೆ ಒಳಗಾಗಿದೆ ಮತ್ತು ಅದು ನಮ್ಮವರಿಂದಲೇ ನಿರಾಕರಿಸಲ್ಪಟ್ಟಿದೆ, ಅಧರ್ಮವನ್ನು ಧರ್ಮ ಎಂದು ಬಿಂಬಿಸುವ ಕೆಲಸಗಳು ನಡೆಯುತ್ತಿದೆ. ಈ ಪ್ರಾಚೀನ ಜ್ಞಾನ ಪರಂಪರೆಯನ್ನು ಆಧುನಿಕ ಒಳನೋಟಗಳೊಂದಿಗೆ ಸಂಯೋಜಿಸಿ ಪಠ್ಯಕ್ರಮಗಳಲ್ಲಿ ಅಳವಡಿಸಬೇಕು. ತುಮಕೂರು ನಗರದ ಶ್ರೀ ಸಿದ್ದಗಂಗಾ ಕಲಾ, ವಿಜ್ಞಾನ ಮತ್ತು ವಾಣಿಜ್ಯ ಪದವಿ ಕಾಲೇಜಿನಲ್ಲಿ ನಡೆದ "ಭಾರತೀಯ ಜ್ಞಾನ ಪರಂಪರೆ ಮತ್ತು ಆಧುನೀಕತೆ" ಎಂಬ ಒಂದು ದಿನದ ರಾಷ್ಟ್ರೀಯ ವಿಚಾರ ಸಂಕಿರಣ ಕಾರ್ಯಕ್ರಮವನ್ನು ಉದ್ಘಾಟಿಸಿ ಮಾತನಾಡಿದರು. ಪಾಶ್ಚಿಮಾತ್ಯ ಪ್ರಭಾವದಿಂದ ಇಂದು ಭಾರತೀಯ ಸಂಸ್ಕೃತಿ, ಸಂಸ್ಕಾರಗಳು, ಕಲೆ, ಸಾಹಿತ್ಯವನ್ನು ಅನುಸರಿಸದೆ ವಿದ್ಯಾರ್ಥಿಗಳು ಮರೆಯುತ್ತಿದ್ದಾರೆ. ಇಂದಿನ ಯುವಜನತೆ ಭಾರತೀಯ ಜ್ಞಾನ ಪರಂಪರೆಯ ಬಗ್ಗೆ ತಿಳಿದುಕೊಳ್ಳಬೇಕು. ಕಾಲೇಜಿನ ಪ್ರಾಂಶುಪಾಲರಾದ ಡಾ.ಟಿ.ಬಿ.ನಿಜಲಿಂಗಪ್ಪ ಅವರು ಮಾತನಾಡಿ ನಮ್ಮ ಪರಂಪರೆ, ಸಂಪ್ರದಾಯಗಳನ್ನು ಇಂದು ಮೂಢನಂಬಿಕೆಗಳೆಂದು ಭಾವಿಸುವುದು ತಪ್ಪು, ಅವುಗಳ
ಉಪನ್ಯಾಸ ನೀಡಿ ಸಿಂಧೂ ನದಿ ನಾಗರೀಕತೆಯ ಕಾಲದಲ್ಲೇ ಹರಪ್ಪ ಮೊಹೆಂಜೋದಾರೋ, ಲೋಥಾಲ್ ನಂತಹ ನಗರಗಳನ್ನು ನಿರ್ಮಿಸಲಾಗಿತ್ತು. ಅಂದಿನ ನಗರ ಯೋಜನೆ, ಒಳಚರಂಡಿ ವ್ಯವಸ್ಥೆ, ಕುಡಿಯುವ ನೀರಿನ ಯೋಜನೆ ಇಂದಿಗೂ ನಮಗೆ ಮಾದರಿಯಾಗಿದೆ. ಪ್ರಾಚೀನ ಭಾರತದಲ್ಲಿ ಭೌತಶಾಸ್ತ್ರ, ರಸಾಯನಶಾಸ್ತ್ರ, ಗಣಿತ, ವೈದ್ಯಕೀಯ, ಖಗೋಳಶಾಸ್ತ್ರ ಮುಂದುವರೆದ ಮಟ್ಟದಲ್ಲಿತ್ತು. ಇದಕ್ಕೆ ಬೇಲೂರು ಶ್ರೀ ಚನ್ನಕೇಶವ ದೇವಾಲಯದ ಎದುರಿಗಿರುವ ಸ್ತಂಭವೇ ಸಾಕ್ಷಿಯಾಗಿದೆ ಎಂದರು. ಕಾಲೇಜಿನ ಪ್ರಾಂಶುಪಾಲರಾದ ಡಾ.ಟಿ.ಬಿ.ನಿಜಲಿಂಗಪ್ಪರವರು ಮಾತನಾಡಿ ನಮ್ಮ ಪರಂಪರೆ, ಸಂಪ್ರದಾಯಗಳನ್ನು ಇಂದು ಮೂಢನಂಬಿಕೆಗಳೆಂದು ಭಾವಿಸುವುದು ತಪ್ಪು, ಅವುಗಳ
ಆಚರಣೆಗಳ ಹಿಂದೆ ವೈಜ್ಞಾನಿಕ ಕಾರಣಗಳಿವೆ ಎಂದು ತಿಳಿಸಿದರು. ಈ ಸಂದರ್ಭದಲ್ಲಿ ಶ್ರೀ ಸಿದ್ದಗಂಗಾ ಮಹಿಳಾ ಕಾಲೇಜಿನ ಪ್ರಾಂಶುಪಾಲರಾದ ಡಾ.ಹೆಚ್.ಎಂ.ದಕ್ಷಿಣಾಮೂರ್ತಿ, ಕಾರ್ಯಕ್ರಮದ ಸಂಚಾಲಕರಾದ ಪ್ರೊ.ಹೆಚ್.ಜಿ.ಸರ್ವಮಂಗಳ ಹಾಗೂ ಐಕ್ಯೂಎಸಿ ಸಂಚಾಲಕರಾದ ಡಾ.ಬಿ.ಆರ್.ಚಂದ್ರಶೇಖರಯ್ಯ ಉಪಸ್ಥಿತರಿದ್ದರು. ನಗರದ ಶ್ರೀ ಸಿದ್ದಗಂಗಾ ಕಲಾ, ವಿಜ್ಞಾನ ಮತ್ತು ವಾಣಿಜ್ಯ ಕಾಲೇಜಿನಲ್ಲಿ ಏರ್ಪಡಿಸಿದ್ದ ಭಾರತೀಯ ಜ್ಞಾನ ಪರಂಪರೆ ಕುರಿತ ವಿಚಾರ ಸಂಕಿರಣವನ್ನು ಡಾ.ಡಿ.ಎನ್.ಯೋಗೀಶ್ವರಪ್ಪ ಉದ್ಘಾಟಿಸಿದರು. ಚಿತ್ರದಲ್ಲಿ ಡಾ.ಪ್ರಿಯಾ ಠಾಕೂರ್, ಪ್ರಾಂಶುಪಾಲರಾದ ಡಾ.ಟಿ.ಬಿ.ನಿಜಲಿಂಗಪ್ಪ, ಪ್ರೊ.ಹೆಚ್.ಜಿ.ಸರ್ವಮಂಗಳ, ಡಾ.ಹೆಚ್.ಎಂ.ದಕ್ಷಿಣಾಮೂರ್ತಿ, ಡಾ.ಬಿ.ಆರ್. ಚಂದ್ರಶೇಖರಯ್ಯ ಹಾಗೂ ಇತರರಿದ್ದಾರೆ.
